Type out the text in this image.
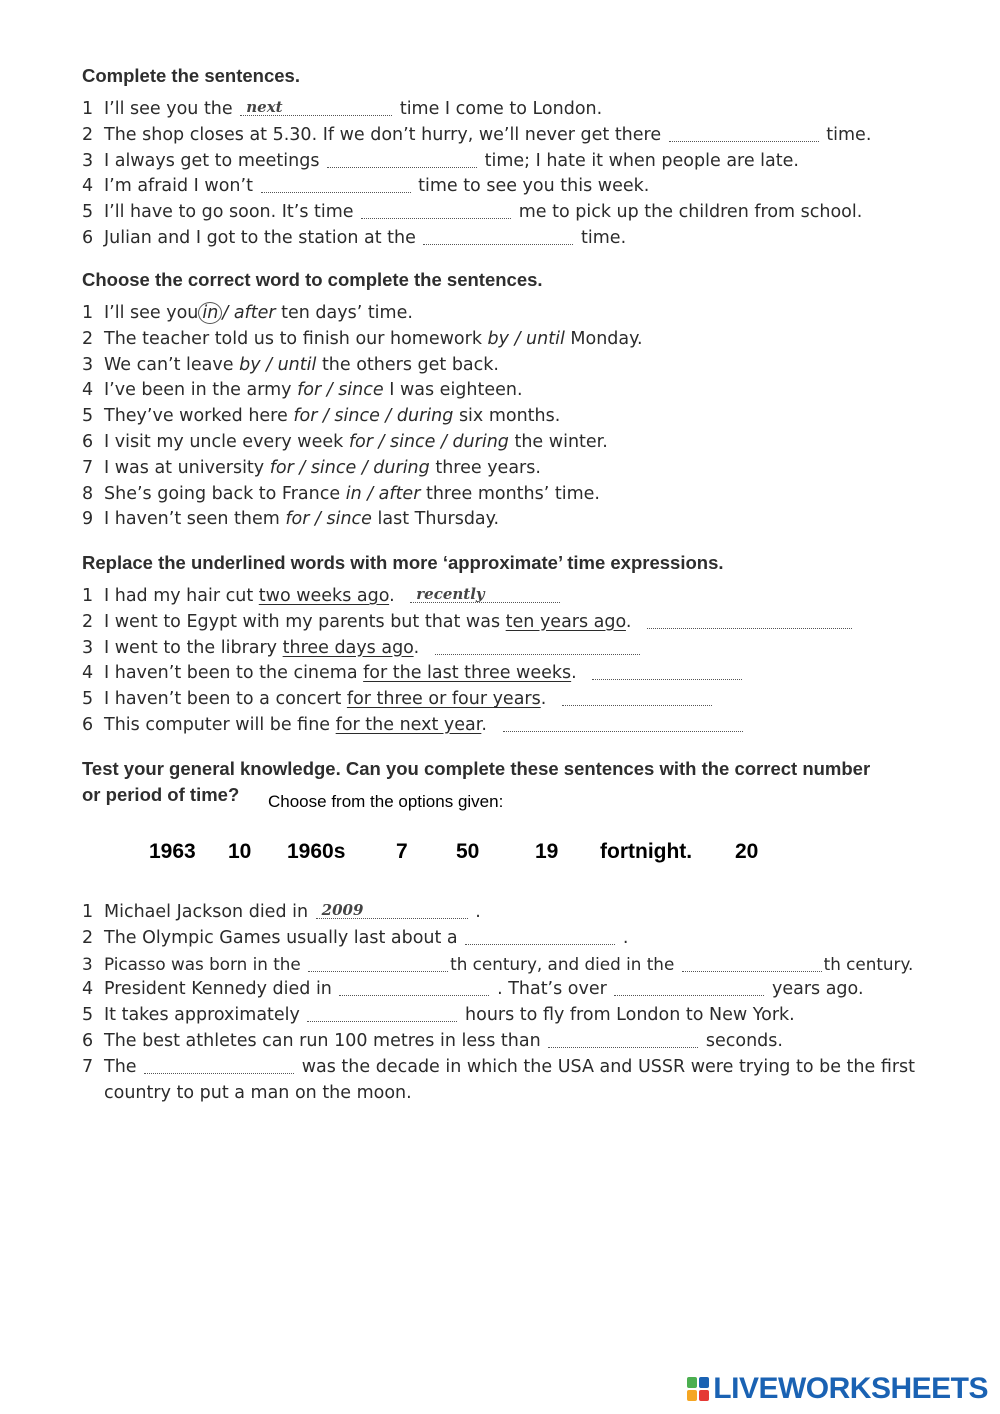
Complete the sentences.
1 I’ll see you the next	time I come to London.
2 The shop closes at 5.30. If we don’t hurry, we’ll never get there	time.
3 I always get to meetings	time; I hate it when people are late.
4 I’m afraid I won’t	time to see you this week.
5 I’ll have to go soon. It’s time	me to pick up the children from school.
6 Julian and I got to the station at the	time.
Choose the correct word to complete the sentences.
1 I’ll see you in / after ten days’ time.
2 The teacher told us to finish our homework by / until Monday.
3 We can’t leave by / until the others get back.
4 I’ve been in the army for / since I was eighteen.
5 They’ve worked here for / since / during six months.
6 I visit my uncle every week for / since / during the winter.
7 I was at university for / since / during three years.
8 She’s going back to France in / after three months’ time.
9 I haven’t seen them for / since last Thursday.
Replace the underlined words with more ‘approximate’ time expressions.
1 I had my hair cut two weeks ago. recently
2 I went to Egypt with my parents but that was ten years ago.
3 I went to the library three days ago.
4 I haven’t been to the cinema for the last three weeks.
5 I haven’t been to a concert for three or four years.
6 This computer will be fine for the next year.
Test your general knowledge. Can you complete these sentences with the correct number
or period of time?	Choose from the options given:
1963 10 1960s 7 50	19 fortnight. 20
1 Michael Jackson died in 2009	.
2 The Olympic Games usually last about a	.
3 Picasso was born in the	th century, and died in the	th century.
4 President Kennedy died in	. That’s over	years ago.
5 It takes approximately	hours to fly from London to New York.
6 The best athletes can run 100 metres in less than	seconds.
7 The	was the decade in which the USA and USSR were trying to be the first
country to put a man on the moon.
LIVEWORKSHEETS
